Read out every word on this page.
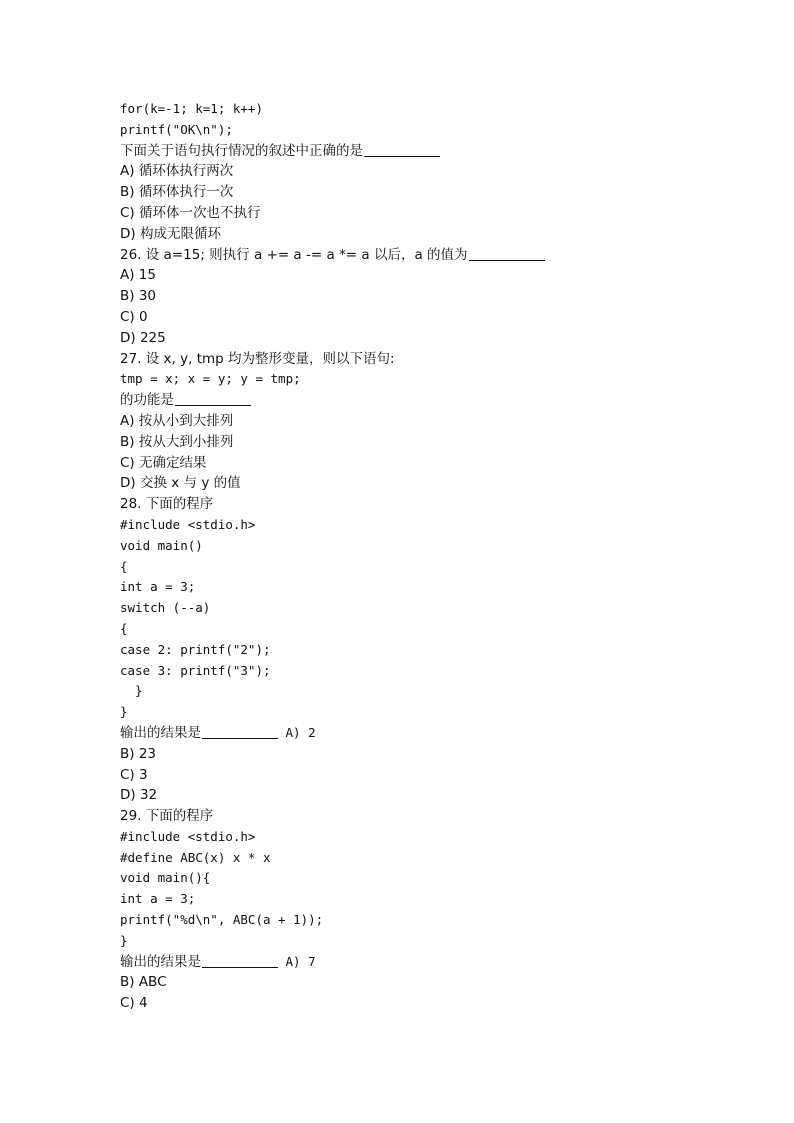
for(k=-1; k=1; k++)
printf("OK\n");
下面关于语句执行情况的叙述中正确的是
A) 循环体执行两次
B) 循环体执行一次
C) 循环体一次也不执行
D) 构成无限循环
26. 设 a=15; 则执行 a += a -= a *= a 以后，a 的值为
A) 15
B) 30
C) 0
D) 225
27. 设 x, y, tmp 均为整形变量，则以下语句:
tmp = x; x = y; y = tmp;
的功能是
A) 按从小到大排列
B) 按从大到小排列
C) 无确定结果
D) 交换 x 与 y 的值
28. 下面的程序
#include <stdio.h>
void main()
{
int a = 3;
switch (--a)
{
case 2: printf("2");
case 3: printf("3");
}
}
输出的结果是	A) 2
B) 23
C) 3
D) 32
29. 下面的程序
#include <stdio.h>
#define ABC(x) x * x
void main(){
int a = 3;
printf("%d\n", ABC(a + 1));
}
输出的结果是	A) 7
B) ABC
C) 4
